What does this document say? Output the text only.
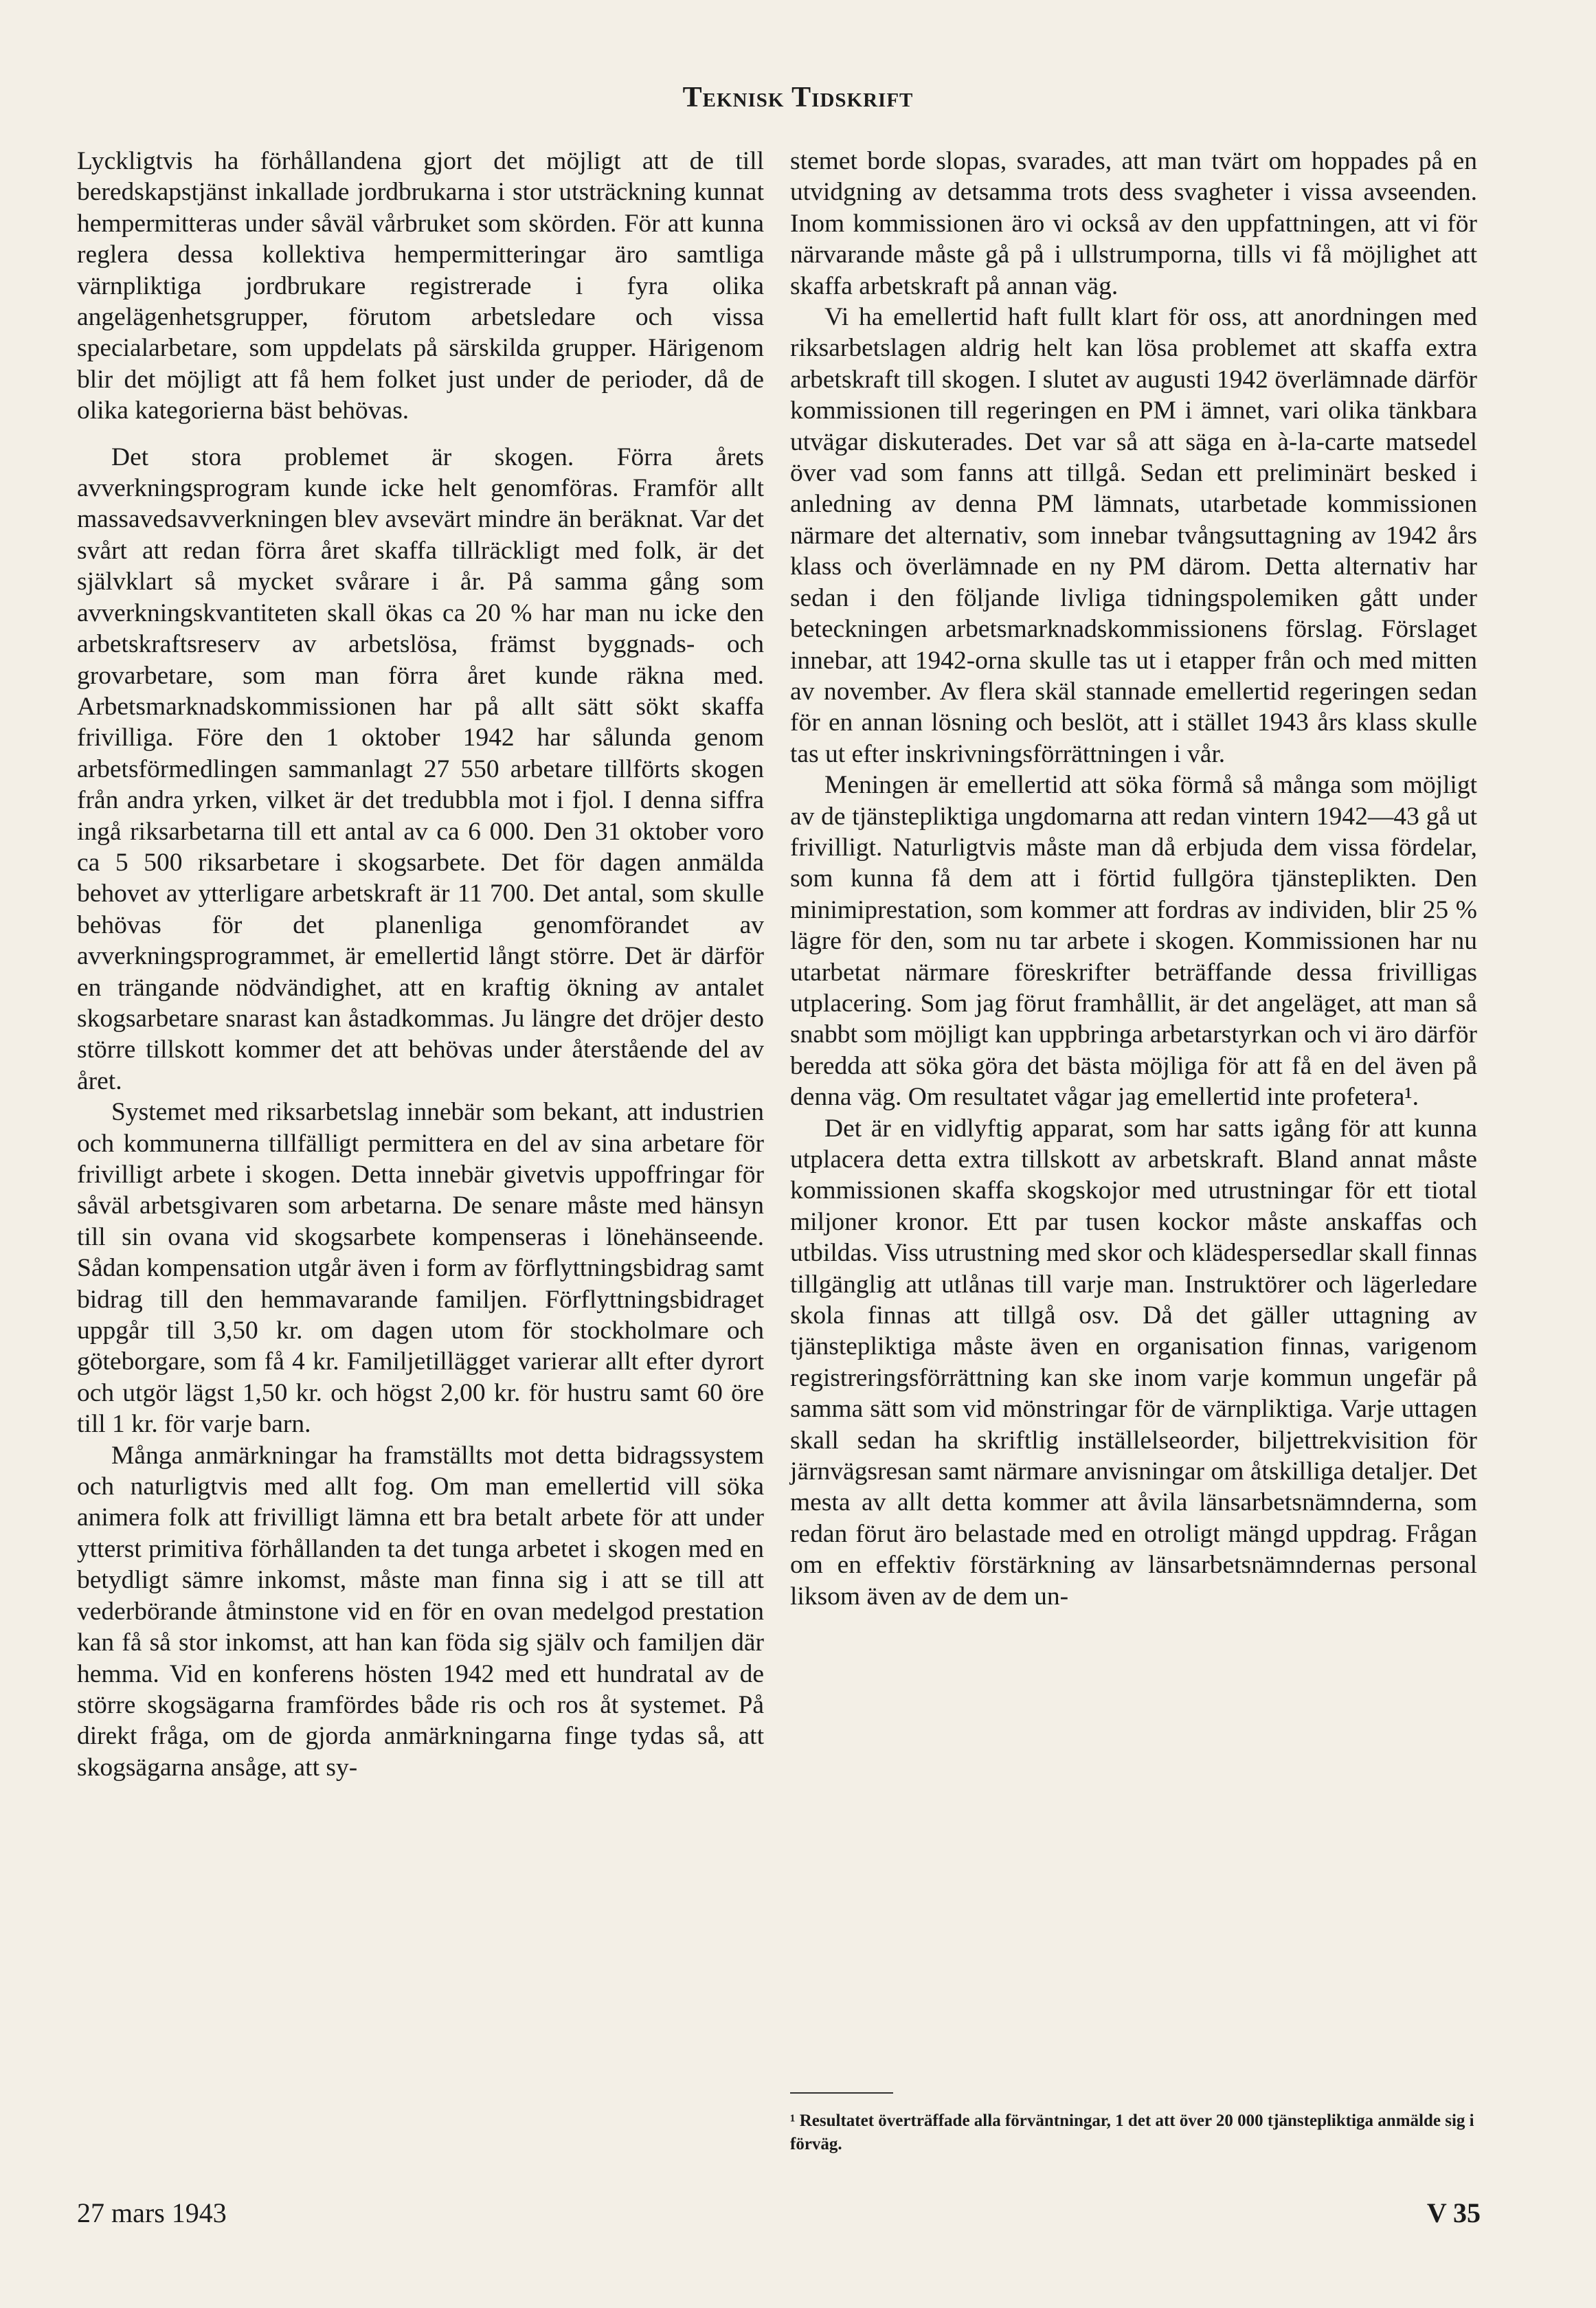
Teknisk Tidskrift

Lyckligtvis ha förhållandena gjort det möjligt att de till beredskapstjänst inkallade jordbrukarna i stor utsträckning kunnat hempermitteras under såväl vårbruket som skörden. För att kunna reglera dessa kollektiva hempermitteringar äro samtliga värnpliktiga jordbrukare registrerade i fyra olika angelägenhetsgrupper, förutom arbetsledare och vissa specialarbetare, som uppdelats på särskilda grupper. Härigenom blir det möjligt att få hem folket just under de perioder, då de olika kategorierna bäst behövas.

Det stora problemet är skogen. Förra årets avverkningsprogram kunde icke helt genomföras. Framför allt massavedsavverkningen blev avsevärt mindre än beräknat. Var det svårt att redan förra året skaffa tillräckligt med folk, är det självklart så mycket svårare i år. På samma gång som avverkningskvantiteten skall ökas ca 20 % har man nu icke den arbetskraftsreserv av arbetslösa, främst byggnads- och grovarbetare, som man förra året kunde räkna med. Arbetsmarknadskommissionen har på allt sätt sökt skaffa frivilliga. Före den 1 oktober 1942 har sålunda genom arbetsförmedlingen sammanlagt 27 550 arbetare tillförts skogen från andra yrken, vilket är det tredubbla mot i fjol. I denna siffra ingå riksarbetarna till ett antal av ca 6 000. Den 31 oktober voro ca 5 500 riksarbetare i skogsarbete. Det för dagen anmälda behovet av ytterligare arbetskraft är 11 700. Det antal, som skulle behövas för det planenliga genomförandet av avverkningsprogrammet, är emellertid långt större. Det är därför en trängande nödvändighet, att en kraftig ökning av antalet skogsarbetare snarast kan åstadkommas. Ju längre det dröjer desto större tillskott kommer det att behövas under återstående del av året.

Systemet med riksarbetslag innebär som bekant, att industrien och kommunerna tillfälligt permittera en del av sina arbetare för frivilligt arbete i skogen. Detta innebär givetvis uppoffringar för såväl arbetsgivaren som arbetarna. De senare måste med hänsyn till sin ovana vid skogsarbete kompenseras i lönehänseende. Sådan kompensation utgår även i form av förflyttningsbidrag samt bidrag till den hemmavarande familjen. Förflyttningsbidraget uppgår till 3,50 kr. om dagen utom för stockholmare och göteborgare, som få 4 kr. Familjetillägget varierar allt efter dyrort och utgör lägst 1,50 kr. och högst 2,00 kr. för hustru samt 60 öre till 1 kr. för varje barn.

Många anmärkningar ha framställts mot detta bidragssystem och naturligtvis med allt fog. Om man emellertid vill söka animera folk att frivilligt lämna ett bra betalt arbete för att under ytterst primitiva förhållanden ta det tunga arbetet i skogen med en betydligt sämre inkomst, måste man finna sig i att se till att vederbörande åtminstone vid en för en ovan medelgod prestation kan få så stor inkomst, att han kan föda sig själv och familjen där hemma. Vid en konferens hösten 1942 med ett hundratal av de större skogsägarna framfördes både ris och ros åt systemet. På direkt fråga, om de gjorda anmärkningarna finge tydas så, att skogsägarna ansåge, att sy-

stemet borde slopas, svarades, att man tvärt om hoppades på en utvidgning av detsamma trots dess svagheter i vissa avseenden. Inom kommissionen äro vi också av den uppfattningen, att vi för närvarande måste gå på i ullstrumporna, tills vi få möjlighet att skaffa arbetskraft på annan väg.

Vi ha emellertid haft fullt klart för oss, att anordningen med riksarbetslagen aldrig helt kan lösa problemet att skaffa extra arbetskraft till skogen. I slutet av augusti 1942 överlämnade därför kommissionen till regeringen en PM i ämnet, vari olika tänkbara utvägar diskuterades. Det var så att säga en à-la-carte matsedel över vad som fanns att tillgå. Sedan ett preliminärt besked i anledning av denna PM lämnats, utarbetade kommissionen närmare det alternativ, som innebar tvångsuttagning av 1942 års klass och överlämnade en ny PM därom. Detta alternativ har sedan i den följande livliga tidningspolemiken gått under beteckningen arbetsmarknadskommissionens förslag. Förslaget innebar, att 1942-orna skulle tas ut i etapper från och med mitten av november. Av flera skäl stannade emellertid regeringen sedan för en annan lösning och beslöt, att i stället 1943 års klass skulle tas ut efter inskrivningsförrättningen i vår.

Meningen är emellertid att söka förmå så många som möjligt av de tjänstepliktiga ungdomarna att redan vintern 1942—43 gå ut frivilligt. Naturligtvis måste man då erbjuda dem vissa fördelar, som kunna få dem att i förtid fullgöra tjänsteplikten. Den minimiprestation, som kommer att fordras av individen, blir 25 % lägre för den, som nu tar arbete i skogen. Kommissionen har nu utarbetat närmare föreskrifter beträffande dessa frivilligas utplacering. Som jag förut framhållit, är det angeläget, att man så snabbt som möjligt kan uppbringa arbetarstyrkan och vi äro därför beredda att söka göra det bästa möjliga för att få en del även på denna väg. Om resultatet vågar jag emellertid inte profetera¹.

Det är en vidlyftig apparat, som har satts igång för att kunna utplacera detta extra tillskott av arbetskraft. Bland annat måste kommissionen skaffa skogskojor med utrustningar för ett tiotal miljoner kronor. Ett par tusen kockor måste anskaffas och utbildas. Viss utrustning med skor och klädespersedlar skall finnas tillgänglig att utlånas till varje man. Instruktörer och lägerledare skola finnas att tillgå osv. Då det gäller uttagning av tjänstepliktiga måste även en organisation finnas, varigenom registreringsförrättning kan ske inom varje kommun ungefär på samma sätt som vid mönstringar för de värnpliktiga. Varje uttagen skall sedan ha skriftlig inställelseorder, biljettrekvisition för järnvägsresan samt närmare anvisningar om åtskilliga detaljer. Det mesta av allt detta kommer att åvila länsarbetsnämnderna, som redan förut äro belastade med en otroligt mängd uppdrag. Frågan om en effektiv förstärkning av länsarbetsnämndernas personal liksom även av de dem un-

¹ Resultatet överträffade alla förväntningar, 1 det att över 20 000 tjänstepliktiga anmälde sig i förväg.
27 mars 1943	V 35
